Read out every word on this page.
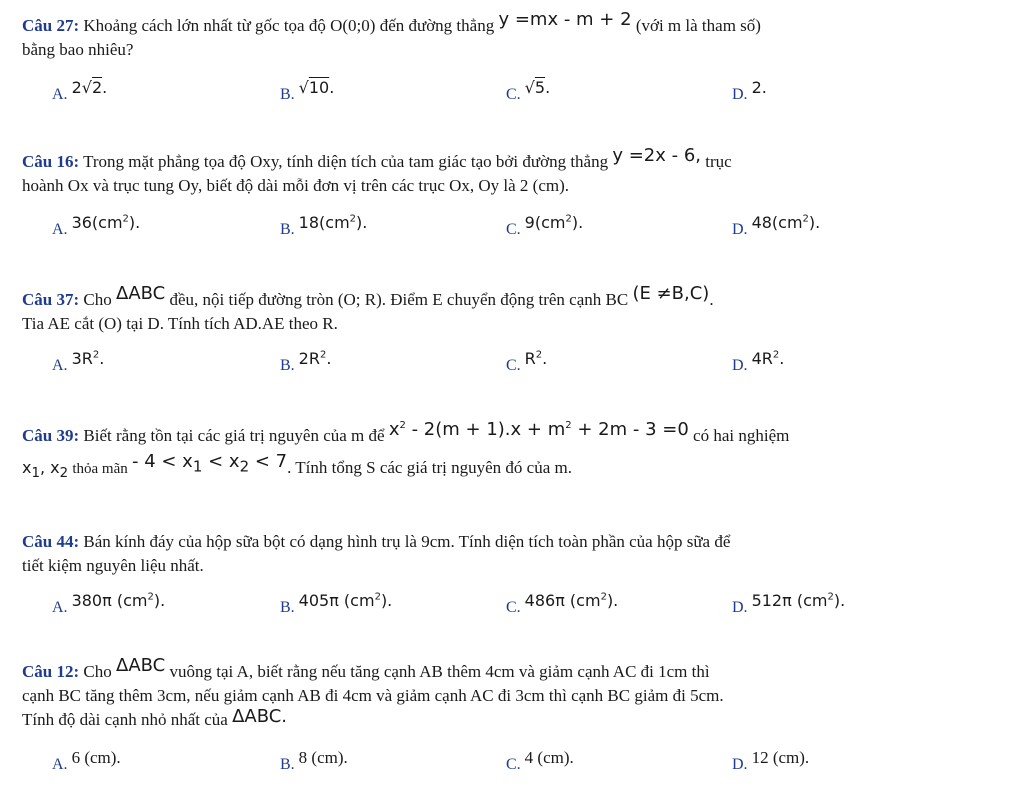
Câu 27: Khoảng cách lớn nhất từ gốc tọa độ O(0;0) đến đường thẳng y =mx - m + 2 (với m là tham số)
bằng bao nhiêu?
A. 2√2.	B. √10.	C. √5.	D. 2.
Câu 16: Trong mặt phẳng tọa độ Oxy, tính diện tích của tam giác tạo bởi đường thẳng y =2x - 6, trục
hoành Ox và trục tung Oy, biết độ dài mỗi đơn vị trên các trục Ox, Oy là 2 (cm).
A. $36(cm^2)$.	B. $18(cm^2)$.	C. $9(cm^2)$.	D. $48(cm^2)$.
Câu 37: Cho ΔABC đều, nội tiếp đường tròn (O; R). Điểm E chuyển động trên cạnh BC (E ≠B,C).
Tia AE cắt (O) tại D. Tính tích AD.AE theo R.
A. $3R^2$.	B. $2R^2$.	C. $R^2$.	D. $4R^2$.
Câu 39: Biết rằng tồn tại các giá trị nguyên của m để $x^2 - 2(m + 1).x + m^2 + 2m - 3 =0$ có hai nghiệm
$x_1$, $x_2$ thỏa mãn - $4 < x_1 < x_2 < 7$. Tính tổng S các giá trị nguyên đó của m.
Câu 44: Bán kính đáy của hộp sữa bột có dạng hình trụ là 9cm. Tính diện tích toàn phần của hộp sữa để
tiết kiệm nguyên liệu nhất.
A. 380π $(cm^2)$.	B. 405π $(cm^2)$.	C. 486π $(cm^2)$.	D. 512π $(cm^2)$.
Câu 12: Cho ΔABC vuông tại A, biết rằng nếu tăng cạnh AB thêm 4cm và giảm cạnh AC đi 1cm thì
cạnh BC tăng thêm 3cm, nếu giảm cạnh AB đi 4cm và giảm cạnh AC đi 3cm thì cạnh BC giảm đi 5cm.
Tính độ dài cạnh nhỏ nhất của ΔABC.
A. 6 (cm).	B. 8 (cm).	C. 4 (cm).	D. 12 (cm).
